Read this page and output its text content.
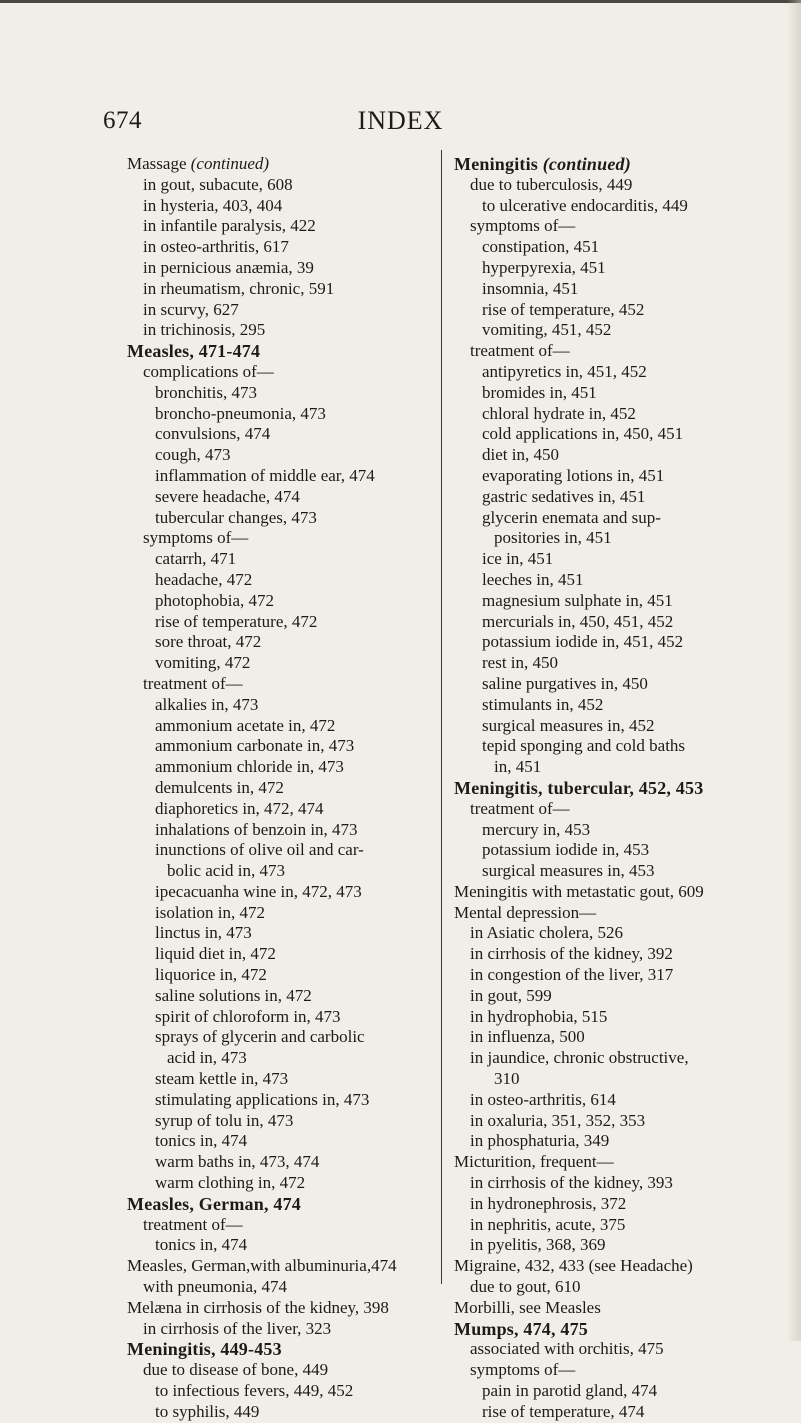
674	INDEX
Massage (continued)
in gout, subacute, 608
in hysteria, 403, 404
in infantile paralysis, 422
in osteo-arthritis, 617
in pernicious anæmia, 39
in rheumatism, chronic, 591
in scurvy, 627
in trichinosis, 295
Measles, 471-474
complications of—
bronchitis, 473
broncho-pneumonia, 473
convulsions, 474
cough, 473
inflammation of middle ear, 474
severe headache, 474
tubercular changes, 473
symptoms of—
catarrh, 471
headache, 472
photophobia, 472
rise of temperature, 472
sore throat, 472
vomiting, 472
treatment of—
alkalies in, 473
ammonium acetate in, 472
ammonium carbonate in, 473
ammonium chloride in, 473
demulcents in, 472
diaphoretics in, 472, 474
inhalations of benzoin in, 473
inunctions of olive oil and car-
bolic acid in, 473
ipecacuanha wine in, 472, 473
isolation in, 472
linctus in, 473
liquid diet in, 472
liquorice in, 472
saline solutions in, 472
spirit of chloroform in, 473
sprays of glycerin and carbolic
acid in, 473
steam kettle in, 473
stimulating applications in, 473
syrup of tolu in, 473
tonics in, 474
warm baths in, 473, 474
warm clothing in, 472
Measles, German, 474
treatment of—
tonics in, 474
Measles, German,with albuminuria,474
with pneumonia, 474
Melæna in cirrhosis of the kidney, 398
in cirrhosis of the liver, 323
Meningitis, 449-453
due to disease of bone, 449
to infectious fevers, 449, 452
to syphilis, 449
Meningitis (continued)
due to tuberculosis, 449
to ulcerative endocarditis, 449
symptoms of—
constipation, 451
hyperpyrexia, 451
insomnia, 451
rise of temperature, 452
vomiting, 451, 452
treatment of—
antipyretics in, 451, 452
bromides in, 451
chloral hydrate in, 452
cold applications in, 450, 451
diet in, 450
evaporating lotions in, 451
gastric sedatives in, 451
glycerin enemata and sup-
positories in, 451
ice in, 451
leeches in, 451
magnesium sulphate in, 451
mercurials in, 450, 451, 452
potassium iodide in, 451, 452
rest in, 450
saline purgatives in, 450
stimulants in, 452
surgical measures in, 452
tepid sponging and cold baths
in, 451
Meningitis, tubercular, 452, 453
treatment of—
mercury in, 453
potassium iodide in, 453
surgical measures in, 453
Meningitis with metastatic gout, 609
Mental depression—
in Asiatic cholera, 526
in cirrhosis of the kidney, 392
in congestion of the liver, 317
in gout, 599
in hydrophobia, 515
in influenza, 500
in jaundice, chronic obstructive,
310
in osteo-arthritis, 614
in oxaluria, 351, 352, 353
in phosphaturia, 349
Micturition, frequent—
in cirrhosis of the kidney, 393
in hydronephrosis, 372
in nephritis, acute, 375
in pyelitis, 368, 369
Migraine, 432, 433 (see Headache)
due to gout, 610
Morbilli, see Measles
Mumps, 474, 475
associated with orchitis, 475
symptoms of—
pain in parotid gland, 474
rise of temperature, 474
